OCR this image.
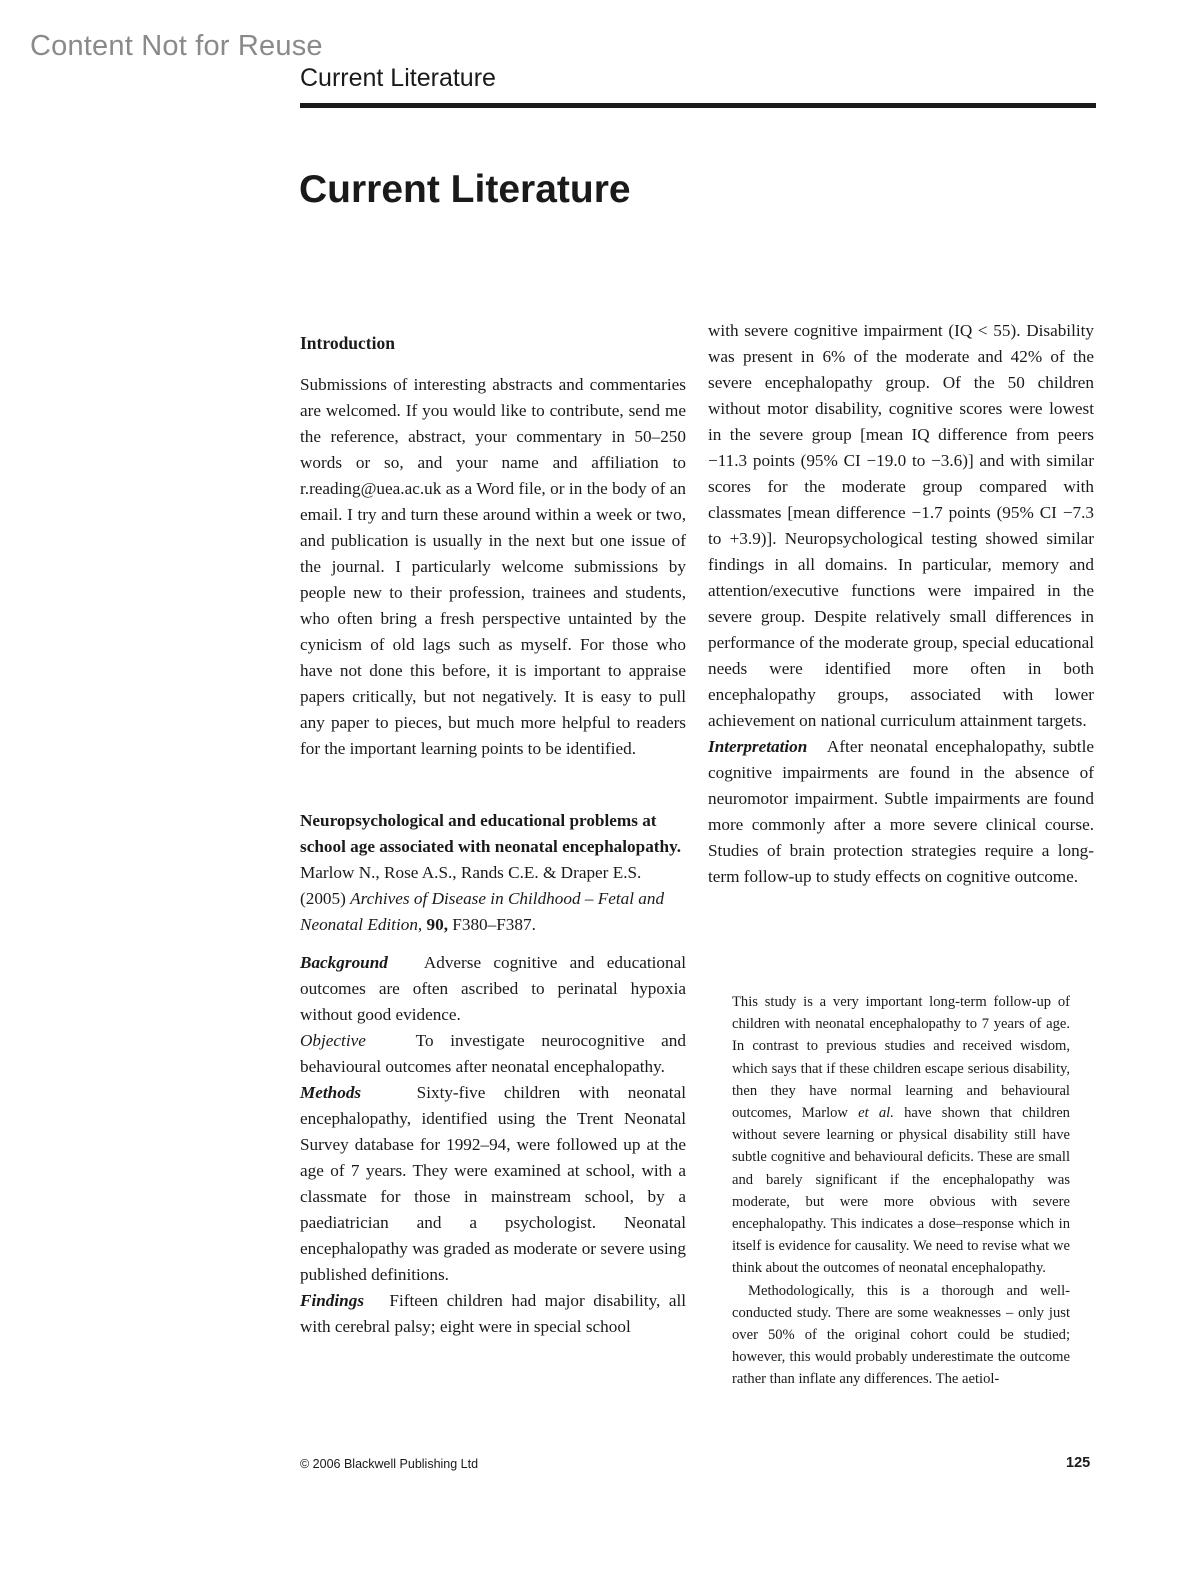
Content Not for Reuse
Current Literature
Current Literature

Introduction

Submissions of interesting abstracts and commentaries are welcomed. If you would like to contribute, send me the reference, abstract, your commentary in 50–250 words or so, and your name and affiliation to r.reading@uea.ac.uk as a Word file, or in the body of an email. I try and turn these around within a week or two, and publication is usually in the next but one issue of the journal. I particularly welcome submissions by people new to their profession, trainees and students, who often bring a fresh perspective untainted by the cynicism of old lags such as myself. For those who have not done this before, it is important to appraise papers critically, but not negatively. It is easy to pull any paper to pieces, but much more helpful to readers for the important learning points to be identified.

Neuropsychological and educational problems at school age associated with neonatal encephalopathy.

Marlow N., Rose A.S., Rands C.E. & Draper E.S. (2005) Archives of Disease in Childhood – Fetal and Neonatal Edition, 90, F380–F387.

Background Adverse cognitive and educational outcomes are often ascribed to perinatal hypoxia without good evidence.

Objective	To investigate neurocognitive and behavioural outcomes after neonatal encephalopathy.

Methods	Sixty-five children with neonatal encephalopathy, identified using the Trent Neonatal Survey database for 1992–94, were followed up at the age of 7 years. They were examined at school, with a classmate for those in mainstream school, by a paediatrician and a psychologist. Neonatal encephalopathy was graded as moderate or severe using published definitions.

Findings Fifteen children had major disability, all with cerebral palsy; eight were in special school

with severe cognitive impairment (IQ < 55). Disability was present in 6% of the moderate and 42% of the severe encephalopathy group. Of the 50 children without motor disability, cognitive scores were lowest in the severe group [mean IQ difference from peers −11.3 points (95% CI −19.0 to −3.6)] and with similar scores for the moderate group compared with classmates [mean difference −1.7 points (95% CI −7.3 to +3.9)]. Neuropsychological testing showed similar findings in all domains. In particular, memory and attention/executive functions were impaired in the severe group. Despite relatively small differences in performance of the moderate group, special educational needs were identified more often in both encephalopathy groups, associated with lower achievement on national curriculum attainment targets.

Interpretation After neonatal encephalopathy, subtle cognitive impairments are found in the absence of neuromotor impairment. Subtle impairments are found more commonly after a more severe clinical course. Studies of brain protection strategies require a long-term follow-up to study effects on cognitive outcome.

This study is a very important long-term follow-up of children with neonatal encephalopathy to 7 years of age. In contrast to previous studies and received wisdom, which says that if these children escape serious disability, then they have normal learning and behavioural outcomes, Marlow et al. have shown that children without severe learning or physical disability still have subtle cognitive and behavioural deficits. These are small and barely significant if the encephalopathy was moderate, but were more obvious with severe encephalopathy. This indicates a dose–response which in itself is evidence for causality. We need to revise what we think about the outcomes of neonatal encephalopathy.

Methodologically, this is a thorough and well-conducted study. There are some weaknesses – only just over 50% of the original cohort could be studied; however, this would probably underestimate the outcome rather than inflate any differences. The aetiol-

© 2006 Blackwell Publishing Ltd	125
